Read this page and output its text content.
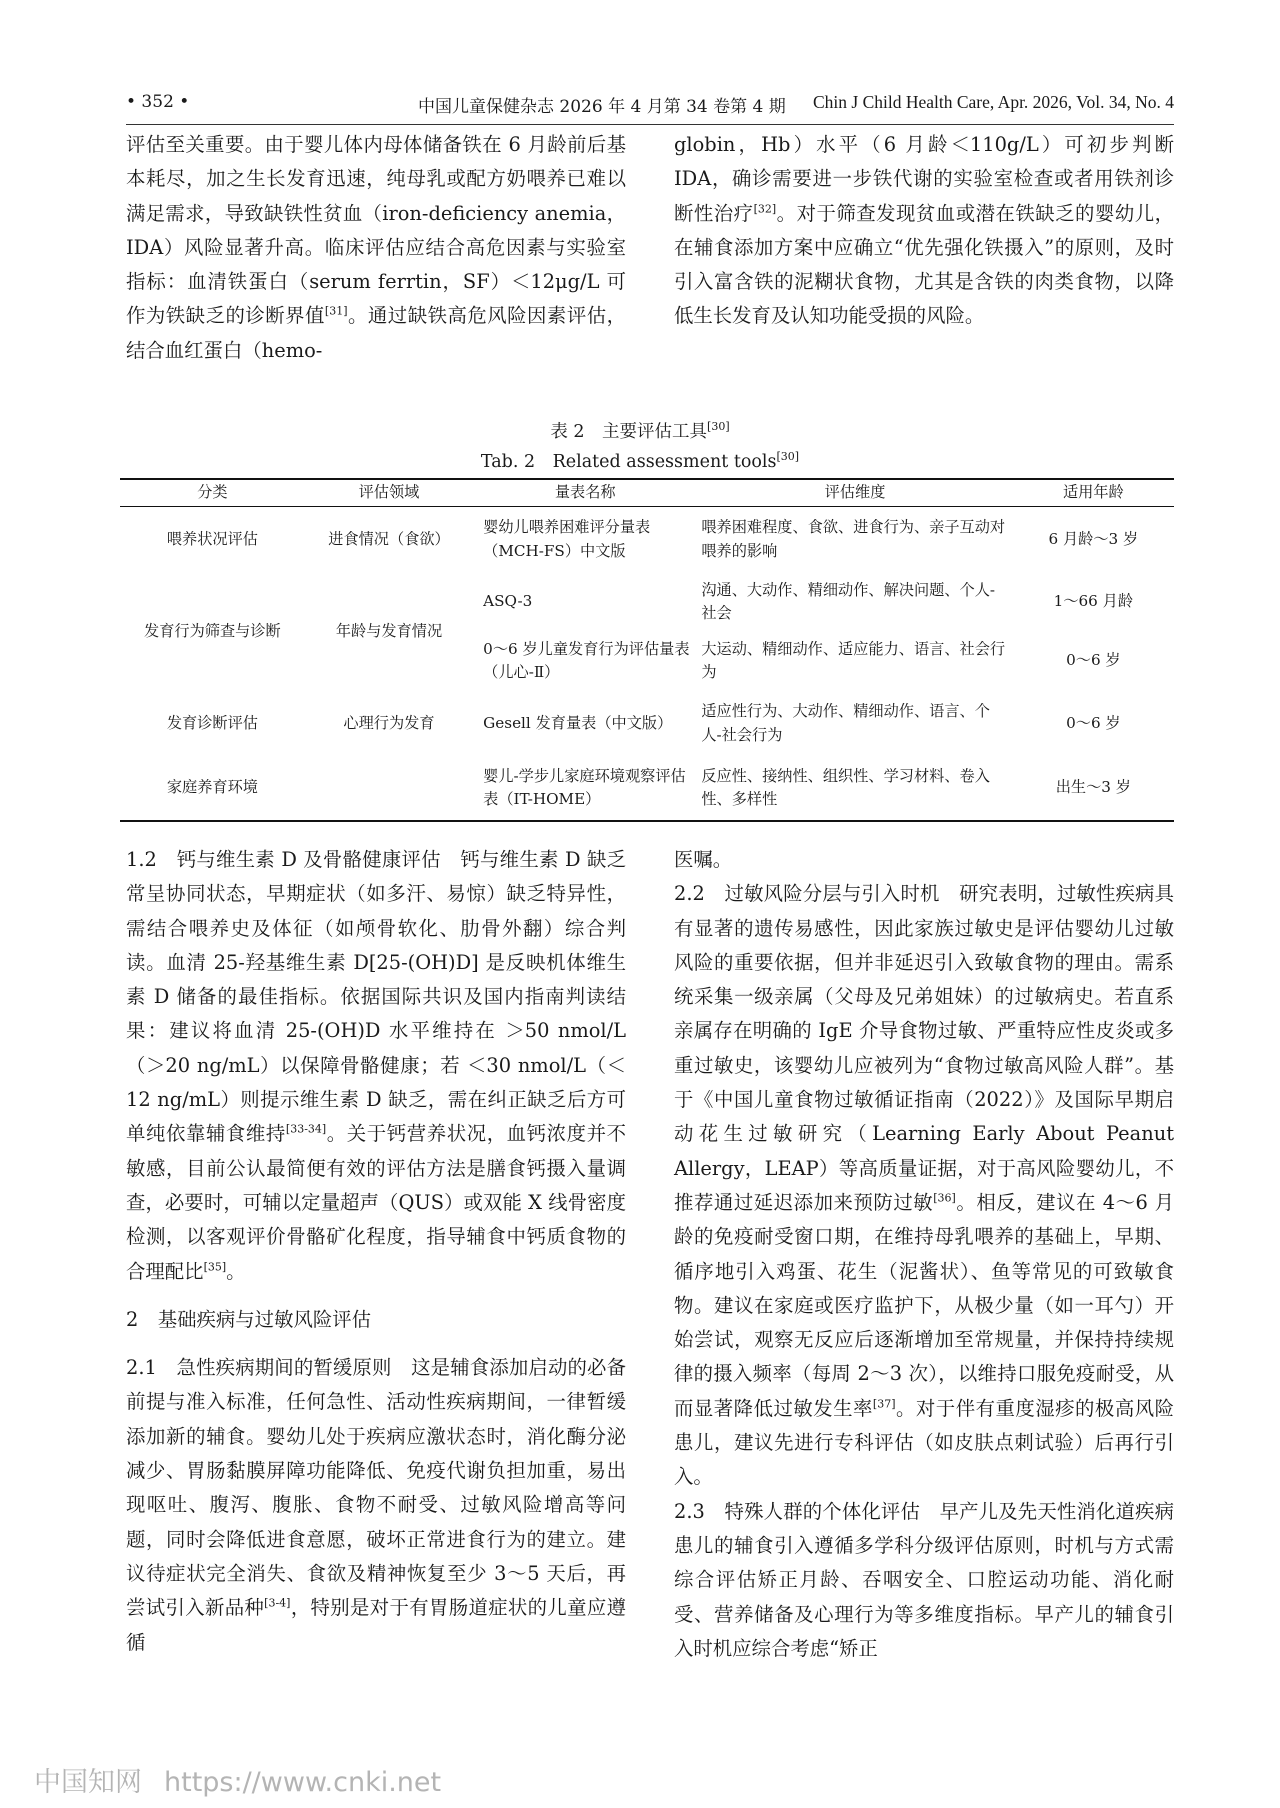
• 352 •	中国儿童保健杂志 2026 年 4 月第 34 卷第 4 期 Chin J Child Health Care, Apr. 2026, Vol. 34, No. 4

评估至关重要。由于婴儿体内母体储备铁在 6 月龄前后基本耗尽，加之生长发育迅速，纯母乳或配方奶喂养已难以满足需求，导致缺铁性贫血（iron-deficiency anemia，IDA）风险显著升高。临床评估应结合高危因素与实验室指标：血清铁蛋白（serum ferrtin，SF）＜12μg/L 可作为铁缺乏的诊断界值[31]。通过缺铁高危风险因素评估，结合血红蛋白（hemo-

globin，Hb）水平（6 月龄＜110g/L）可初步判断 IDA，确诊需要进一步铁代谢的实验室检查或者用铁剂诊断性治疗[32]。对于筛查发现贫血或潜在铁缺乏的婴幼儿，在辅食添加方案中应确立“优先强化铁摄入”的原则，及时引入富含铁的泥糊状食物，尤其是含铁的肉类食物，以降低生长发育及认知功能受损的风险。

表 2　主要评估工具[30]
Tab. 2　Related assessment tools[30]
分类	评估领域	量表名称	评估维度	适用年龄
喂养状况评估	进食情况（食欲）	婴幼儿喂养困难评分量表（MCH-FS）中文版	喂养困难程度、食欲、进食行为、亲子互动对喂养的影响	6 月龄～3 岁
发育行为筛查与诊断	年龄与发育情况	ASQ-3	沟通、大动作、精细动作、解决问题、个人-社会	1～66 月龄
		0～6 岁儿童发育行为评估量表（儿心-Ⅱ）	大运动、精细动作、适应能力、语言、社会行为	0～6 岁
发育诊断评估	心理行为发育	Gesell 发育量表（中文版）	适应性行为、大动作、精细动作、语言、个人-社会行为	0～6 岁
家庭养育环境		婴儿-学步儿家庭环境观察评估表（IT-HOME）	反应性、接纳性、组织性、学习材料、卷入性、多样性	出生～3 岁

1.2　钙与维生素 D 及骨骼健康评估　钙与维生素 D 缺乏常呈协同状态，早期症状（如多汗、易惊）缺乏特异性，需结合喂养史及体征（如颅骨软化、肋骨外翻）综合判读。血清 25-羟基维生素 D[25-(OH)D] 是反映机体维生素 D 储备的最佳指标。依据国际共识及国内指南判读结果：建议将血清 25-(OH)D 水平维持在 ＞50 nmol/L（＞20 ng/mL）以保障骨骼健康；若 ＜30 nmol/L（＜12 ng/mL）则提示维生素 D 缺乏，需在纠正缺乏后方可单纯依靠辅食维持[33-34]。关于钙营养状况，血钙浓度并不敏感，目前公认最简便有效的评估方法是膳食钙摄入量调查，必要时，可辅以定量超声（QUS）或双能 X 线骨密度检测，以客观评价骨骼矿化程度，指导辅食中钙质食物的合理配比[35]。

2　基础疾病与过敏风险评估

2.1　急性疾病期间的暂缓原则　这是辅食添加启动的必备前提与准入标准，任何急性、活动性疾病期间，一律暂缓添加新的辅食。婴幼儿处于疾病应激状态时，消化酶分泌减少、胃肠黏膜屏障功能降低、免疫代谢负担加重，易出现呕吐、腹泻、腹胀、食物不耐受、过敏风险增高等问题，同时会降低进食意愿，破坏正常进食行为的建立。建议待症状完全消失、食欲及精神恢复至少 3～5 天后，再尝试引入新品种[3-4]，特别是对于有胃肠道症状的儿童应遵循

医嘱。

2.2　过敏风险分层与引入时机　研究表明，过敏性疾病具有显著的遗传易感性，因此家族过敏史是评估婴幼儿过敏风险的重要依据，但并非延迟引入致敏食物的理由。需系统采集一级亲属（父母及兄弟姐妹）的过敏病史。若直系亲属存在明确的 IgE 介导食物过敏、严重特应性皮炎或多重过敏史，该婴幼儿应被列为“食物过敏高风险人群”。基于《中国儿童食物过敏循证指南（2022）》及国际早期启动花生过敏研究（Learning Early About Peanut Allergy，LEAP）等高质量证据，对于高风险婴幼儿，不推荐通过延迟添加来预防过敏[36]。相反，建议在 4～6 月龄的免疫耐受窗口期，在维持母乳喂养的基础上，早期、循序地引入鸡蛋、花生（泥酱状）、鱼等常见的可致敏食物。建议在家庭或医疗监护下，从极少量（如一耳勺）开始尝试，观察无反应后逐渐增加至常规量，并保持持续规律的摄入频率（每周 2～3 次），以维持口服免疫耐受，从而显著降低过敏发生率[37]。对于伴有重度湿疹的极高风险患儿，建议先进行专科评估（如皮肤点刺试验）后再行引入。

2.3　特殊人群的个体化评估　早产儿及先天性消化道疾病患儿的辅食引入遵循多学科分级评估原则，时机与方式需综合评估矫正月龄、吞咽安全、口腔运动功能、消化耐受、营养储备及心理行为等多维度指标。早产儿的辅食引入时机应综合考虑“矫正

中国知网 https://www.cnki.net
